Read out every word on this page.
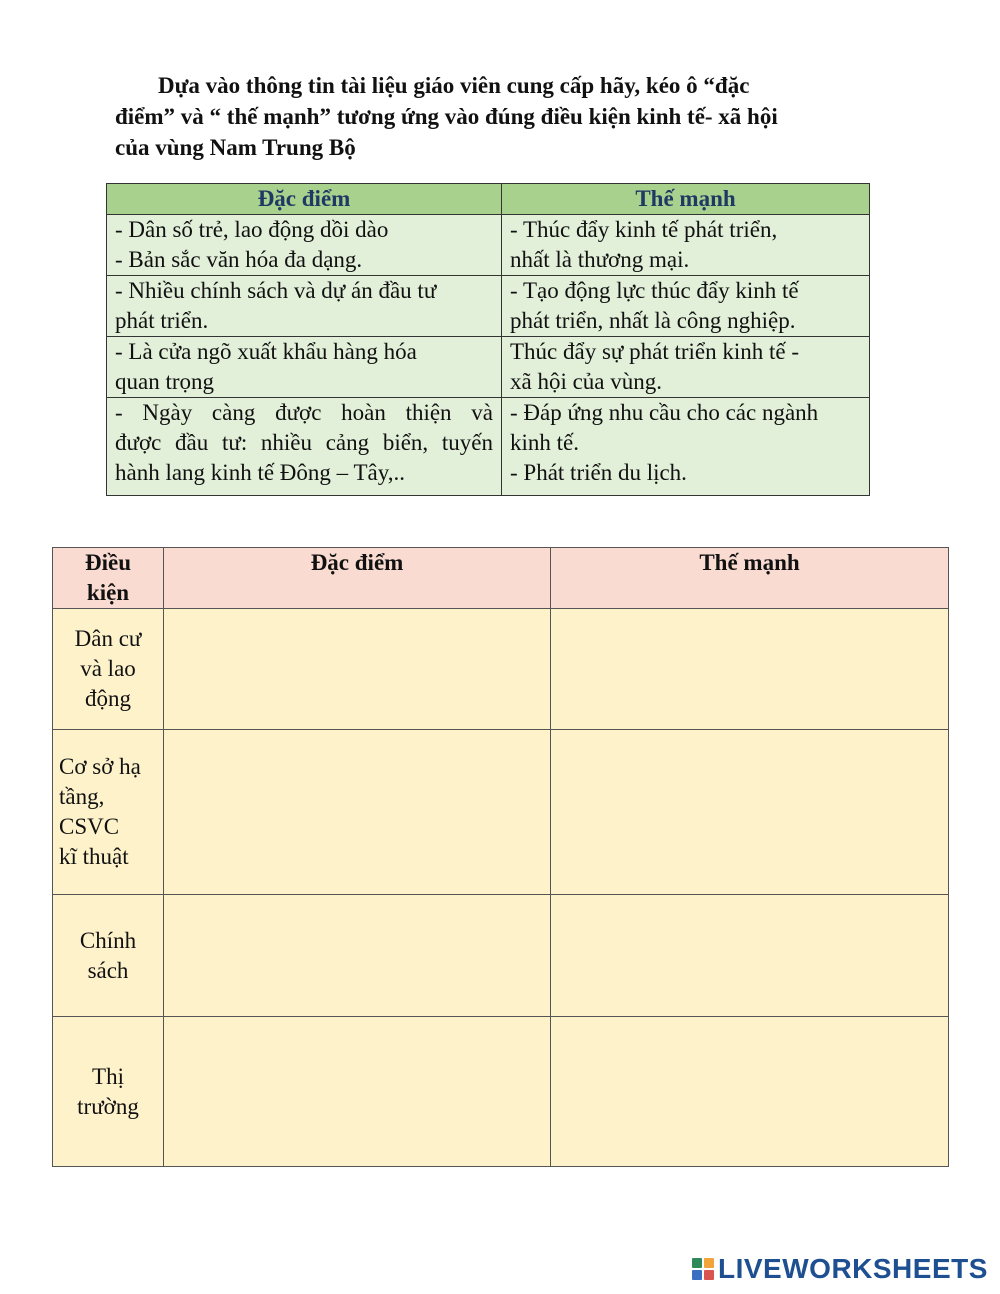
Dựa vào thông tin tài liệu giáo viên cung cấp hãy, kéo ô “đặc
điểm” và “ thế mạnh” tương ứng vào đúng điều kiện kinh tế- xã hội
của vùng Nam Trung Bộ
Đặc điểm	Thế mạnh

- Dân số trẻ, lao động dồi dào
- Bản sắc văn hóa đa dạng.	- Thúc đẩy kinh tế phát triển,
nhất là thương mại.

- Nhiều chính sách và dự án đầu tư
phát triển.	- Tạo động lực thúc đẩy kinh tế
phát triển, nhất là công nghiệp.

- Là cửa ngõ xuất khẩu hàng hóa
quan trọng	Thúc đẩy sự phát triển kinh tế -
xã hội của vùng.

- Ngày càng được hoàn thiện và
được đầu tư: nhiều cảng biển, tuyến
hành lang kinh tế Đông – Tây,..	- Đáp ứng nhu cầu cho các ngành
kinh tế.
- Phát triển du lịch.
Điều
kiện	Đặc điểm	Thế mạnh

Dân cư
và lao
động		

Cơ sở hạ
tầng,
CSVC
kĩ thuật		

Chính
sách		

Thị
trường		

LIVEWORKSHEETS
